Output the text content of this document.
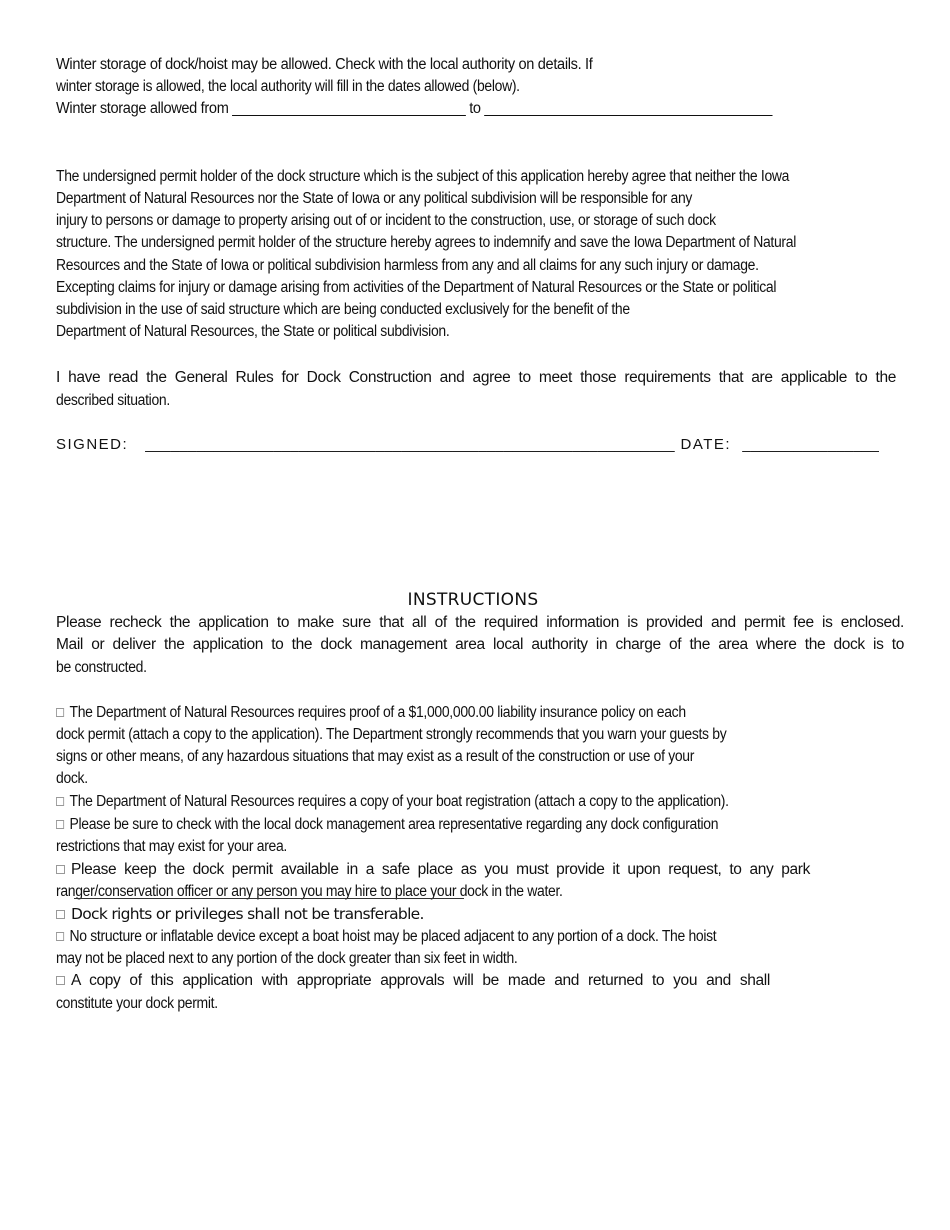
Winter storage of dock/hoist may be allowed. Check with the local authority on details. If
winter storage is allowed, the local authority will fill in the dates allowed (below).
Winter storage allowed from ______________________________ to _____________________________________
The undersigned permit holder of the dock structure which is the subject of this application hereby agree that neither the Iowa
Department of Natural Resources nor the State of Iowa or any political subdivision will be responsible for any
injury to persons or damage to property arising out of or incident to the construction, use, or storage of such dock
structure. The undersigned permit holder of the structure hereby agrees to indemnify and save the Iowa Department of Natural
Resources and the State of Iowa or political subdivision harmless from any and all claims for any such injury or damage.
Excepting claims for injury or damage arising from activities of the Department of Natural Resources or the State or political
subdivision in the use of said structure which are being conducted exclusively for the benefit of the
Department of Natural Resources, the State or political subdivision.
I have read the General Rules for Dock Construction and agree to meet those requirements that are applicable to the
described situation.
SIGNED: ______________________________________________________________ DATE: ________________
INSTRUCTIONS
Please recheck the application to make sure that all of the required information is provided and permit fee is enclosed.
Mail or deliver the application to the dock management area local authority in charge of the area where the dock is to
be constructed.
The Department of Natural Resources requires proof of a $1,000,000.00 liability insurance policy on each
dock permit (attach a copy to the application). The Department strongly recommends that you warn your guests by
signs or other means, of any hazardous situations that may exist as a result of the construction or use of your
dock.
The Department of Natural Resources requires a copy of your boat registration (attach a copy to the application).
Please be sure to check with the local dock management area representative regarding any dock configuration
restrictions that may exist for your area.
Please keep the dock permit available in a safe place as you must provide it upon request, to any park
ranger/conservation officer or any person you may hire to place your dock in the water.
Dock rights or privileges shall not be transferable.
No structure or inflatable device except a boat hoist may be placed adjacent to any portion of a dock. The hoist
may not be placed next to any portion of the dock greater than six feet in width.
A copy of this application with appropriate approvals will be made and returned to you and shall
constitute your dock permit.
